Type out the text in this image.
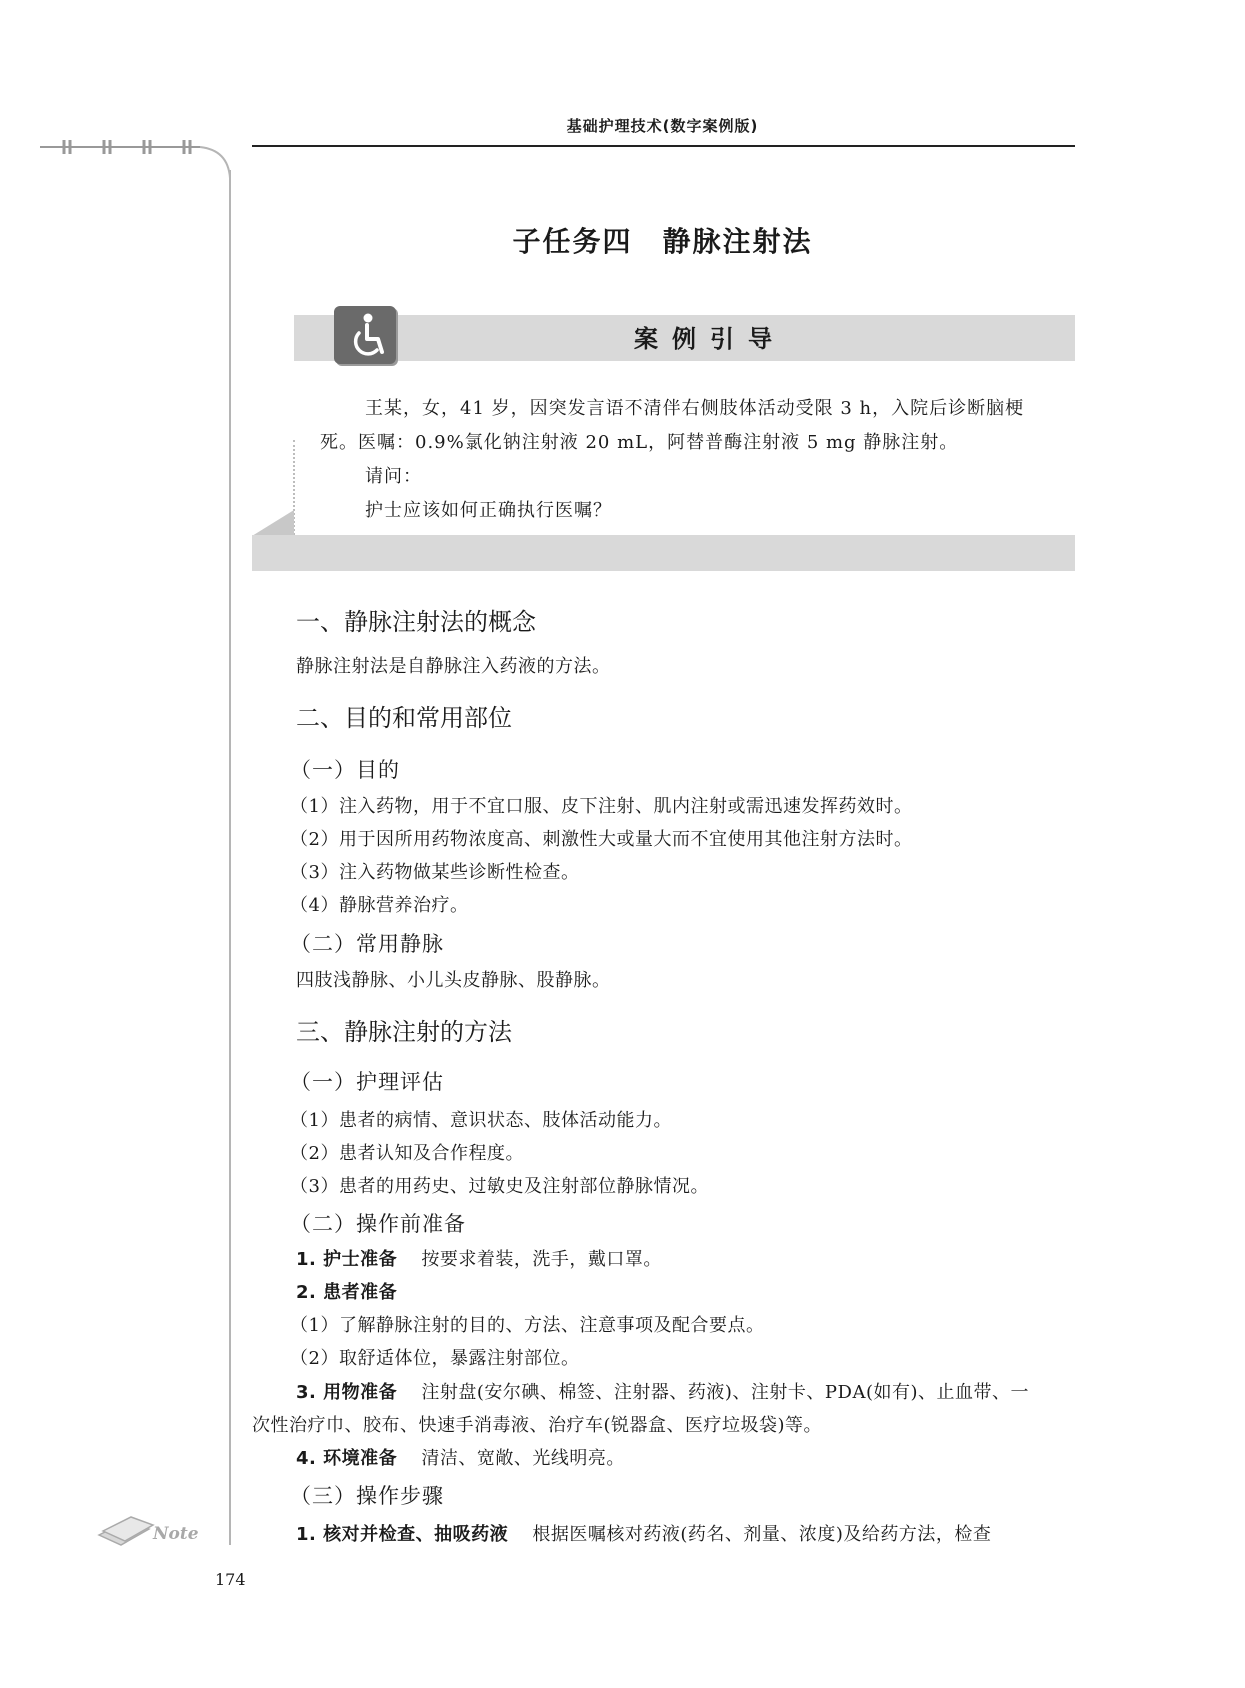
基础护理技术(数字案例版)
子任务四　静脉注射法
案例引导

王某，女，41 岁，因突发言语不清伴右侧肢体活动受限 3 h，入院后诊断脑梗

死。医嘱：0.9%氯化钠注射液 20 mL，阿替普酶注射液 5 mg 静脉注射。

请问：

护士应该如何正确执行医嘱？

一、静脉注射法的概念
静脉注射法是自静脉注入药液的方法。
二、目的和常用部位
（一）目的
（1）注入药物，用于不宜口服、皮下注射、肌内注射或需迅速发挥药效时。
（2）用于因所用药物浓度高、刺激性大或量大而不宜使用其他注射方法时。
（3）注入药物做某些诊断性检查。
（4）静脉营养治疗。
（二）常用静脉
四肢浅静脉、小儿头皮静脉、股静脉。
三、静脉注射的方法
（一）护理评估
（1）患者的病情、意识状态、肢体活动能力。
（2）患者认知及合作程度。
（3）患者的用药史、过敏史及注射部位静脉情况。
（二）操作前准备
1. 护士准备 按要求着装，洗手，戴口罩。
2. 患者准备
（1）了解静脉注射的目的、方法、注意事项及配合要点。
（2）取舒适体位，暴露注射部位。
3. 用物准备 注射盘(安尔碘、棉签、注射器、药液)、注射卡、PDA(如有)、止血带、一
次性治疗巾、胶布、快速手消毒液、治疗车(锐器盒、医疗垃圾袋)等。
4. 环境准备 清洁、宽敞、光线明亮。
（三）操作步骤
1. 核对并检查、抽吸药液 根据医嘱核对药液(药名、剂量、浓度)及给药方法，检查
Note
174
